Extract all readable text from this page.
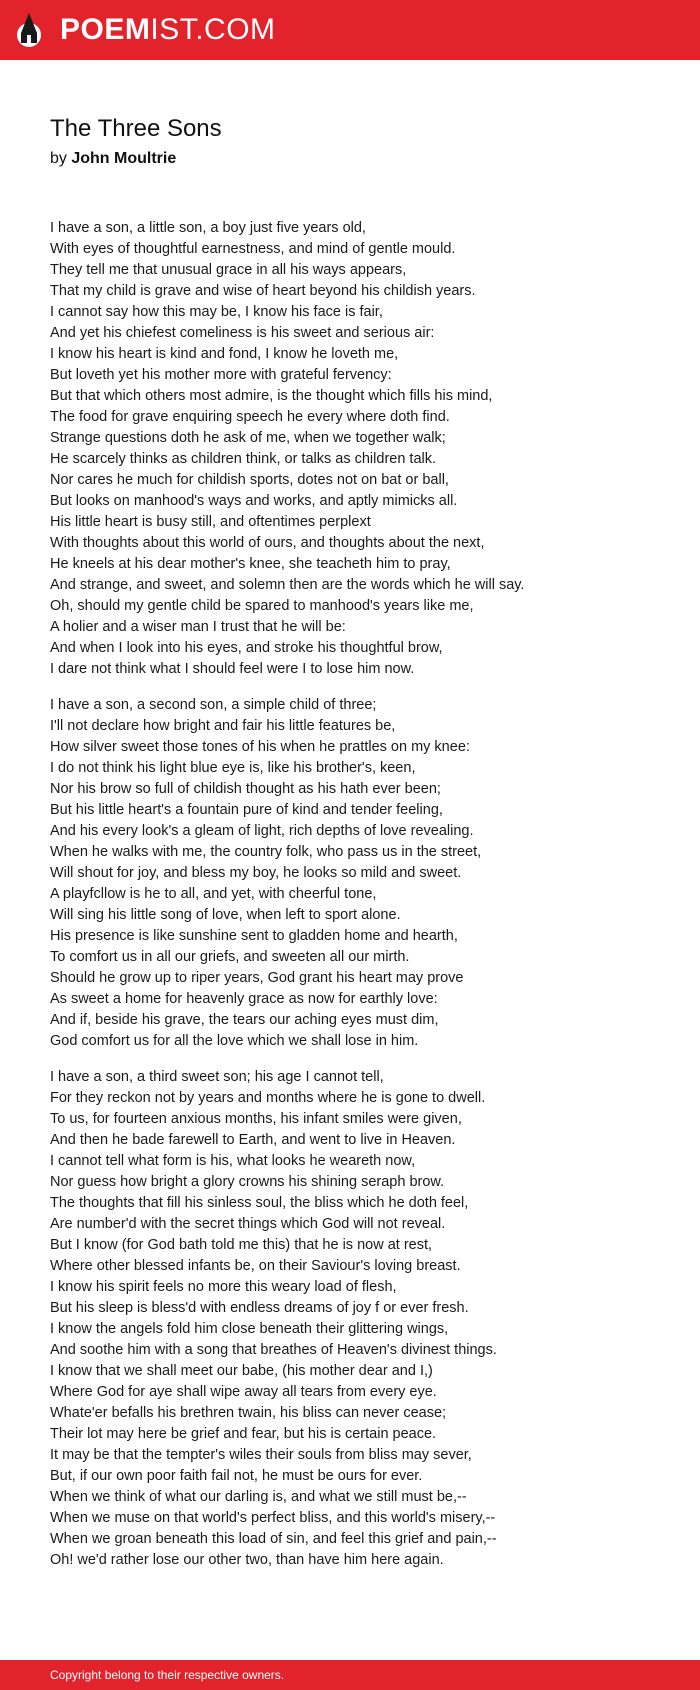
POEMIST.COM
The Three Sons
by John Moultrie
I have a son, a little son, a boy just five years old,
With eyes of thoughtful earnestness, and mind of gentle mould.
They tell me that unusual grace in all his ways appears,
That my child is grave and wise of heart beyond his childish years.
I cannot say how this may be, I know his face is fair,
And yet his chiefest comeliness is his sweet and serious air:
I know his heart is kind and fond, I know he loveth me,
But loveth yet his mother more with grateful fervency:
But that which others most admire, is the thought which fills his mind,
The food for grave enquiring speech he every where doth find.
Strange questions doth he ask of me, when we together walk;
He scarcely thinks as children think, or talks as children talk.
Nor cares he much for childish sports, dotes not on bat or ball,
But looks on manhood's ways and works, and aptly mimicks all.
His little heart is busy still, and oftentimes perplext
With thoughts about this world of ours, and thoughts about the next,
He kneels at his dear mother's knee, she teacheth him to pray,
And strange, and sweet, and solemn then are the words which he will say.
Oh, should my gentle child be spared to manhood's years like me,
A holier and a wiser man I trust that he will be:
And when I look into his eyes, and stroke his thoughtful brow,
I dare not think what I should feel were I to lose him now.
I have a son, a second son, a simple child of three;
I'll not declare how bright and fair his little features be,
How silver sweet those tones of his when he prattles on my knee:
I do not think his light blue eye is, like his brother's, keen,
Nor his brow so full of childish thought as his hath ever been;
But his little heart's a fountain pure of kind and tender feeling,
And his every look's a gleam of light, rich depths of love revealing.
When he walks with me, the country folk, who pass us in the street,
Will shout for joy, and bless my boy, he looks so mild and sweet.
A playfcllow is he to all, and yet, with cheerful tone,
Will sing his little song of love, when left to sport alone.
His presence is like sunshine sent to gladden home and hearth,
To comfort us in all our griefs, and sweeten all our mirth.
Should he grow up to riper years, God grant his heart may prove
As sweet a home for heavenly grace as now for earthly love:
And if, beside his grave, the tears our aching eyes must dim,
God comfort us for all the love which we shall lose in him.
I have a son, a third sweet son; his age I cannot tell,
For they reckon not by years and months where he is gone to dwell.
To us, for fourteen anxious months, his infant smiles were given,
And then he bade farewell to Earth, and went to live in Heaven.
I cannot tell what form is his, what looks he weareth now,
Nor guess how bright a glory crowns his shining seraph brow.
The thoughts that fill his sinless soul, the bliss which he doth feel,
Are number'd with the secret things which God will not reveal.
But I know (for God bath told me this) that he is now at rest,
Where other blessed infants be, on their Saviour's loving breast.
I know his spirit feels no more this weary load of flesh,
But his sleep is bless'd with endless dreams of joy f or ever fresh.
I know the angels fold him close beneath their glittering wings,
And soothe him with a song that breathes of Heaven's divinest things.
I know that we shall meet our babe, (his mother dear and I,)
Where God for aye shall wipe away all tears from every eye.
Whate'er befalls his brethren twain, his bliss can never cease;
Their lot may here be grief and fear, but his is certain peace.
It may be that the tempter's wiles their souls from bliss may sever,
But, if our own poor faith fail not, he must be ours for ever.
When we think of what our darling is, and what we still must be,--
When we muse on that world's perfect bliss, and this world's misery,--
When we groan beneath this load of sin, and feel this grief and pain,--
Oh! we'd rather lose our other two, than have him here again.
Copyright belong to their respective owners.
